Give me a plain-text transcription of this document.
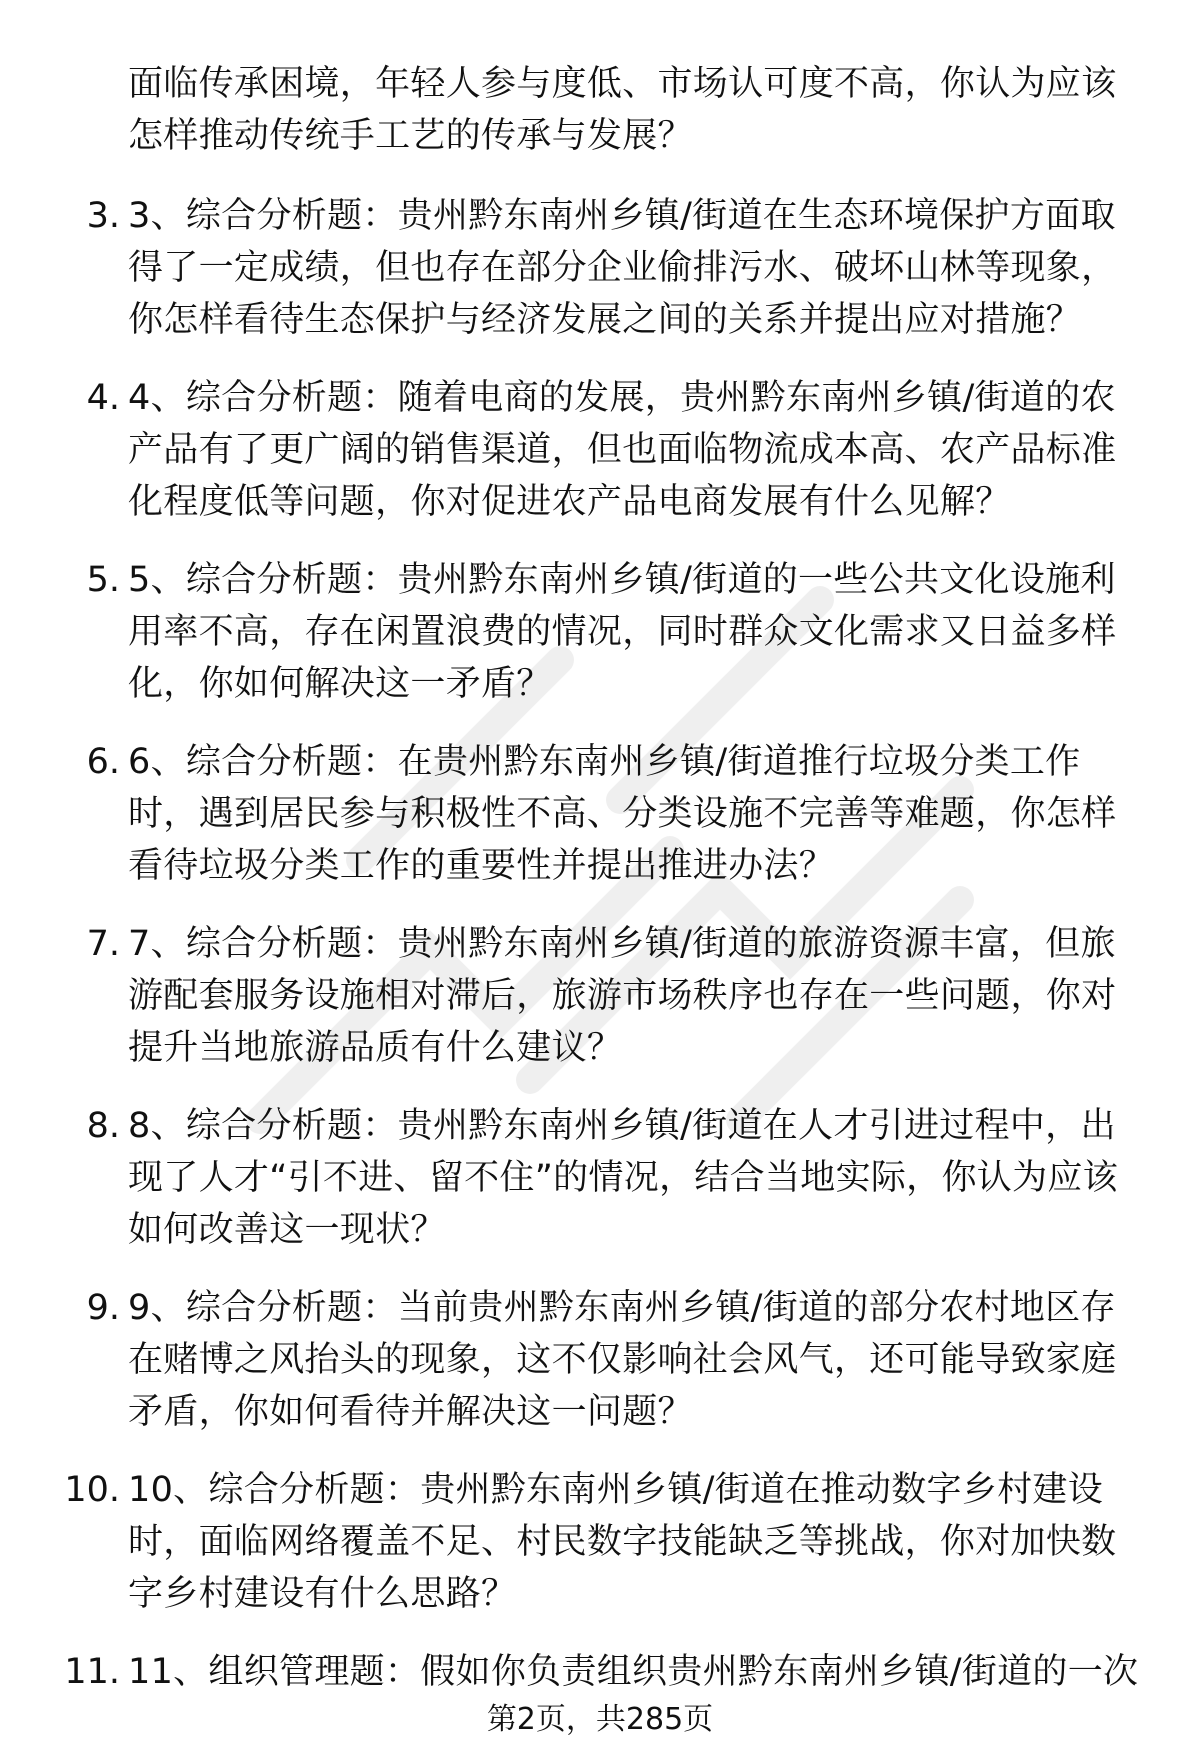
面临传承困境，年轻人参与度低、市场认可度不高，你认为应该怎样推动传统手工艺的传承与发展？
3. 3、综合分析题：贵州黔东南州乡镇/街道在生态环境保护方面取得了一定成绩，但也存在部分企业偷排污水、破坏山林等现象，你怎样看待生态保护与经济发展之间的关系并提出应对措施？
4. 4、综合分析题：随着电商的发展，贵州黔东南州乡镇/街道的农产品有了更广阔的销售渠道，但也面临物流成本高、农产品标准化程度低等问题，你对促进农产品电商发展有什么见解？
5. 5、综合分析题：贵州黔东南州乡镇/街道的一些公共文化设施利用率不高，存在闲置浪费的情况，同时群众文化需求又日益多样化，你如何解决这一矛盾？
6. 6、综合分析题：在贵州黔东南州乡镇/街道推行垃圾分类工作时，遇到居民参与积极性不高、分类设施不完善等难题，你怎样看待垃圾分类工作的重要性并提出推进办法？
7. 7、综合分析题：贵州黔东南州乡镇/街道的旅游资源丰富，但旅游配套服务设施相对滞后，旅游市场秩序也存在一些问题，你对提升当地旅游品质有什么建议？
8. 8、综合分析题：贵州黔东南州乡镇/街道在人才引进过程中，出现了人才“引不进、留不住”的情况，结合当地实际，你认为应该如何改善这一现状？
9. 9、综合分析题：当前贵州黔东南州乡镇/街道的部分农村地区存在赌博之风抬头的现象，这不仅影响社会风气，还可能导致家庭矛盾，你如何看待并解决这一问题？
10. 10、综合分析题：贵州黔东南州乡镇/街道在推动数字乡村建设时，面临网络覆盖不足、村民数字技能缺乏等挑战，你对加快数字乡村建设有什么思路？
11. 11、组织管理题：假如你负责组织贵州黔东南州乡镇/街道的一次
第2页，共285页
